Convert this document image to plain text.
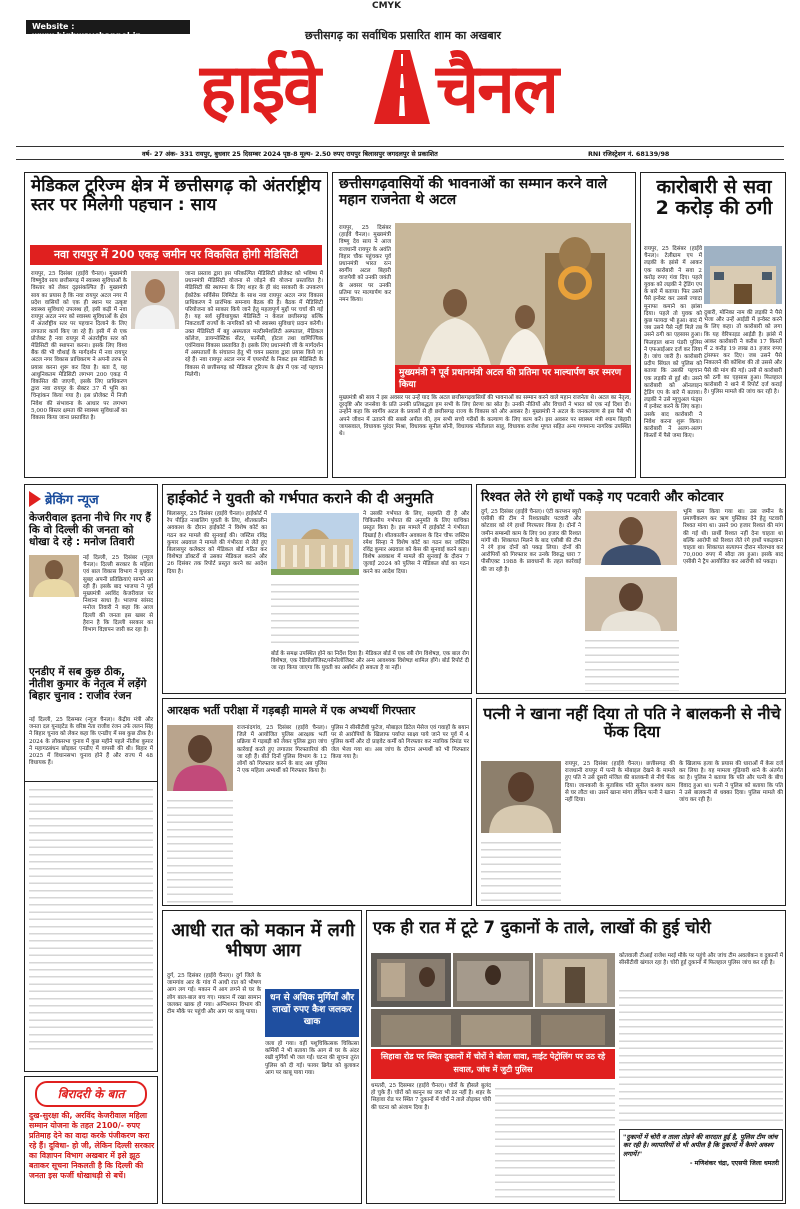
CMYK
Website : www.highwaychannel.in	छत्तीसगढ़ का सर्वाधिक प्रसारित शाम का अखबार
हाईवे चैनल
वर्ष- 27 अंक- 331 रायपुर, बुधवार 25 दिसम्बर 2024 पृष्ठ-8 मूल्य- 2.50 रुपए रायपुर बिलासपुर जगदलपुर से प्रकाशित	RNI रजिस्ट्रेशन नं. 68139/98
मेडिकल टूरिज्म क्षेत्र में छत्तीसगढ़ को अंतर्राष्ट्रीय स्तर पर मिलेगी पहचान : साय
नवा रायपुर में 200 एकड़ जमीन पर विकसित होगी मेडिसिटी
रायपुर, 25 दिसंबर (हाईवे चैनल)। मुख्यमंत्री विष्णुदेव साय छत्तीसगढ़ में स्वास्थ्य सुविधाओं के विस्तार को लेकर दृढ़संकल्पित हैं। मुख्यमंत्री साय का प्रयास है कि नवा रायपुर अटल नगर में प्रदेश वासियों को एक ही स्थान पर उत्कृष्ट स्वास्थ्य सुविधाएं उपलब्ध हों, इसी कड़ी में नवा रायपुर अटल नगर को स्वास्थ्य सुविधाओं के क्षेत्र में अंतर्राष्ट्रीय स्तर पर पहचान दिलाने के लिए लगातार कार्य किए जा रहे हैं। इसी में से एक प्रोजेक्ट है नवा रायपुर में अंतर्राष्ट्रीय स्तर को मेडिसिटी की स्थापना करना। इसके लिए विश्व बैंक की भी चौथाई के मार्गदर्शन में नवा रायपुर अटल नगर विकास प्राधिकरण ने अपनी तरफ से प्रयास करना शुरू कर दिया है। बता दें, यह आधुनिकतम मेडिसिटी लगभग 200 एकड़ में विकसित की जाएगी, इसके लिए प्राधिकरण द्वारा नवा रायपुर के सेक्टर 37 में भूमि का चिन्हांकन किया गया है। इस प्रोजेक्ट में निजी निवेश की संभावना के आधार पर लगभग 5,000 बिस्तर क्षमता की स्वास्थ्य सुविधाओं का विकास किया जाना प्रस्तावित है।
जाना प्रस्ताव द्वारा इस परिकल्पित मेडिसिटी प्रोजेक्ट को भविष्य में प्रधानमंत्री मेडिसिटी योजना से जोड़ने की योजना प्रस्तावित है। मेडिसिटी की स्थापना के लिए शहर के ही बंद सरकारी के उपकरण ईकोटेक सर्विसेस लिमिटेड के साथ नवा रायपुर अटल नगर विकास प्राधिकरण ने प्रारंभिक समन्वय बैठक की है। बैठक में मेडिसिटी परियोजना को साकार किये जाने हेतु महत्वपूर्ण मुद्दों पर चर्चा की गई है। यह सर्व सुविधायुक्त मेडिसिटी न केवल छत्तीसगढ़ बल्कि निकटवर्ती राज्यों के नागरिकों को भी स्वास्थ्य सुविधाएं प्रदान करेगी। उक्त मेडिसिटी में बहु अस्पताल मल्टीस्पेशलिटी अस्पताल, मेडिकल कॉलेज, डायग्नोस्टिक सेंटर, फार्मेसी, होटल तथा वाणिज्यिक एवंनिवास विकास प्रस्तावित है। इसके लिए प्रधानमंत्री जी के मार्गदर्शन में अस्पतालों के संचालन हेतु भी चयन प्रस्ताव द्वारा प्रयास किये जा रहे हैं। नवा रायपुर अटल नगर में एयरपोर्ट के निकट इस मेडिसिटी के विकास से छत्तीसगढ़ को मेडिकल टूरिज्म के क्षेत्र में एक नई पहचान मिलेगी।
छत्तीसगढ़वासियों की भावनाओं का सम्मान करने वाले महान राजनेता थे अटल
रायपुर, 25 दिसंबर (हाईवे चैनल)। मुख्यमंत्री विष्णु देव साय ने आज राजधानी रायपुर के अवंति विहार चौक पहुंचकर पूर्व प्रधानमंत्री भारत रत्न स्वर्गीय अटल बिहारी वाजपेयी को उनकी जयंती के अवसर पर उनकी प्रतिमा पर माल्यार्पण कर नमन किया।
मुख्यमंत्री ने पूर्व प्रधानमंत्री अटल की प्रतिमा पर माल्यार्पण कर स्मरण किया
मुख्यमंत्री श्री साय ने इस अवसर पर उन्हें याद कि अटल छत्तीसगढ़वासियों की भावनाओं का सम्मान करने वाले महान राजनेता थे। अटल का नेतृत्व, दूरदृष्टि और जनसेवा के प्रति उनकी प्रतिबद्धता हम सभी के लिए प्रेरणा का स्रोत है। उनकी नीतियों और विचारों ने भारत को एक नई दिशा दी। उन्होंने कहा कि स्वर्गीय अटल के प्रयासों से ही छत्तीसगढ़ राज्य के विकास को और अवसर है। मुख्यमंत्री ने अटल के जनकल्याण से इस पैसे भी अपने जीवन में उतारने की सबसे अपील की, हम सभी सच्चे गरीबों के कल्याण के लिए काम करें। इस अवसर पर स्वास्थ्य मंत्री श्याम बिहारी जायसवाल, विधायक पुरंदर मिश्रा, विधायक सुनील सोनी, विधायक मोतीलाल साहू, विधायक राजेश मूणत सहित अन्य गणमान्य नागरिक उपस्थित थे।
कारोबारी से सवा 2 करोड़ की ठगी
ब्रेकिंग न्यूज
केजरीवाल इतना नीचे गिर गए हैं कि वो दिल्ली की जनता को धोखा दे रहे : मनोज तिवारी
नई दिल्ली, 25 दिसंबर (न्यूज चैनल)। दिल्ली सरकार के महिला एवं बाल विकास विभाग ने बुधवार सुबह अपनी प्रतिक्रियाएं सामने आ रही हैं। इसके बाद भाजपा ने पूर्व मुख्यमंत्री अरविंद केजरीवाल पर निशाना साधा है। भाजपा सांसद मनोज तिवारी ने कहा कि आज दिल्ली की जनता इस खबर से हैरान है कि दिल्ली सरकार का विभाग विज्ञापन जारी कर रहा है।
एनडीए में सब कुछ ठीक, नीतीश कुमार के नेतृत्व में लड़ेंगे बिहार चुनाव : राजीव रंजन
नई दिल्ली, 25 दिसम्बर (न्यूज चैनल)। केंद्रीय मंत्री और जनता दल यूनाइटेड के वरिष्ठ नेता राजीव रंजन उर्फ ललन सिंह ने बिहार चुनाव को लेकर कहा कि एनडीए में सब कुछ ठीक है। 2024 के लोकसभा चुनाव में कुछ महीने पहले नीतीश कुमार ने महागठबंधन छोड़कर एनडीए में वापसी की थी। बिहार में 2025 में विधानसभा चुनाव होने हैं और राज्य में 48 विधायक हैं।
बिरादरी के बात
दुख-सुरक्षा की, अरविंद केजरीवाल महिला सम्मान योजना के तहत 2100/- रुपए प्रतिमाह देने का वादा करके पंजीकरण करा रहे हैं। दुविधा- हो जी, लेकिन दिल्ली सरकार का विज्ञापन विभाग अखबार में इसे झूठ बताकर सूचना निकलती है कि दिल्ली की जनता इस फर्जी धोखाधड़ी से बचें।
हाईकोर्ट ने युवती को गर्भपात कराने की दी अनुमति
बिलासपुर, 25 दिसंबर (हाईवे चैनल)। हाईकोर्ट में रेप पीड़ित नाबालिग युवती के लिए, शीतकालीन अवकाश के दौरान हाईकोर्ट ने विशेष कोर्ट का गठन कर मामले की सुनवाई की। जस्टिस रविंद्र कुमार अग्रवाल ने मामले की गंभीरता से लेते हुए बिलासपुर कलेक्टर को मेडिकल बोर्ड गठित कर विशेषज्ञ डॉक्टरों से उसका मेडिकल कराने और 26 दिसंबर तक रिपोर्ट प्रस्तुत करने का आदेश दिया है।
ने उसकी गर्भपात के लिए, सहमति दी है और चिकित्सीय गर्भपात की अनुमति के लिए याचिका प्रस्तुत किया है। इस मामले में हाईकोर्ट ने गंभीरता दिखाई है। शीतकालीन अवकाश के दिन चौफ जस्टिस रमेश सिन्हा ने विशेष कोर्ट का गठन कर जस्टिस रविंद्र कुमार अग्रवाल को केस की सुनवाई करने कहा। विशेष अवकाश में मामले की सुनवाई के दौरान 7 जुलाई 2024 को पुलिस ने मेडिकल बोर्ड का गठन करने का आदेश दिया।
बोर्ड के समक्ष उपस्थित होने का निर्देश दिया है। मेडिकल बोर्ड में एक स्त्री रोग विशेषज्ञ, एक बाल रोग विशेषज्ञ, एक रेडियोलॉजिस्ट/सोनोलॉजिस्ट और अन्य आवश्यक विशेषज्ञ शामिल होंगे। बोर्ड रिपोर्ट दी जा रहा किया जाएगा कि युवती का अबॉर्शन हो सकता है या नहीं।
रिश्वत लेते रंगे हाथों पकड़े गए पटवारी और कोटवार
दुर्ग, 25 दिसंबर (हाईवे चैनल)। एंटी करप्शन ब्यूरो एसीबी की टीम ने रिश्वतखोर पटवारी और कोटवार को रंगे हाथों गिरफ्तार किया है। दोनों ने जमीन सम्बन्धी काम के लिए 90 हजार की रिश्वत मांगी थी। शिकायत मिलने के बाद एसीबी की टीम ने रंगे हाथ दोनों को पकड़ लिया। दोनों की आरोपियों को गिरफ्तार कर उनके विरुद्ध धारा 7 पीसीएक्ट 1988 के प्रावधानों के तहत कार्रवाई की जा रही है।
भूमि कम किया गया था। उस जमीन के प्रमाणीकरण कर ऋण पुस्तिका देने हेतु पटवारी रिश्वत मांगा था। उसने 90 हजार रिश्वत की मांग की गई थी। प्रार्थी रिश्वत नहीं देना चाहता था बल्कि आरोपी को रिश्वत लेते रंगे हाथों पकड़वाना चाहता था। शिकायत सत्यापन दौरान मोलभाव कर 70,000 रुपए में सौदा तय हुआ। इसके बाद एसीबी ने ट्रैप आयोजित कर आरोपी को पकड़ा।
आरक्षक भर्ती परीक्षा में गड़बड़ी मामले में एक अभ्यर्थी गिरफ्तार
राजनांदगांव, 25 दिसंबर (हाईवे चैनल)। जिले में आयोजित पुलिस आरक्षक भर्ती प्रक्रिया में गड़बड़ी को लेकर पुलिस द्वारा जांच कार्रवाई करते हुए लगातार गिरफ्तारियां की जा रही हैं। बीते दिनों पुलिस विभाग के 12 लोगों को गिरफ्तार करने के बाद अब पुलिस ने एक महिला अभ्यर्थी को गिरफ्तार किया है।
पुलिस ने सीसीटीवी फुटेज, मोबाइल डिटेल मेसेज एवं गवाहों के बयान पर से आरोपियों के खिलाफ पर्याप्त साक्ष्य पाये जाने पर पूर्व में 4 पुलिस कर्मी और दो प्राइवेट कर्मी को गिरफ्तार कर न्यायिक रिमांड पर जेल भेजा गया था। अब जांच के दौरान अभ्यर्थी को भी गिरफ्तार किया गया है।
पत्नी ने खाना नहीं दिया तो पति ने बालकनी से नीचे फेंक दिया
रायपुर, 25 दिसंबर (हाईवे चैनल)। छत्तीसगढ़ की राजधानी रायपुर में पत्नी के मोबाइल देखने के मामले हुए पति ने उसे दूसरी मंजिल की बालकनी से नीचे फेंक दिया। जानकारी के मुताबिक पति सुनील कश्यप काम से घर लौटा था। उसने खाना मांगा लेकिन पत्नी ने खाना नहीं दिया।
के खिलाफ हत्या के प्रयास की धाराओं में केस दर्ज कर लिया है। यह मामला गुढ़ियारी थाने के अंतर्गत का है। पुलिस ने बताया कि पति और पत्नी के बीच विवाद हुआ था। पत्नी ने पुलिस को बताया कि पति ने उसे बालकनी से धक्का दिया। पुलिस मामले की जांच कर रही है।
आधी रात को मकान में लगी भीषण आग
दुर्ग, 25 दिसंबर (हाईवे चैनल)। दुर्ग जिले के जामगांव आर के गांव में आधी रात को भीषण आग लग गई। मकान में आग लगने से घर के लोग बाल-बाल बच गए। मकान में रखा सामान जलकर खाक हो गया। अग्निशमन विभाग की टीम मौके पर पहुंची और आग पर काबू पाया।
धन से अधिक मुर्गियाँ और लाखों रुपए कैश जलकर खाक
जला हो गया। वहीं पशुचिकित्सक चिकित्सा कर्मियों ने भी बताया कि आग से घर के अंदर रखी मुर्गियाँ भी जल गईं। घटना की सूचना तुरंत पुलिस को दी गई। फायर ब्रिगेड को बुलाकर आग पर काबू पाया गया।
एक ही रात में टूटे 7 दुकानों के ताले, लाखों की हुई चोरी
सिहावा रोड पर स्थित दुकानों में चोरों ने बोला धावा, नाईट पेट्रोलिंग पर उठ रहे सवाल, जांच में जुटी पुलिस
धमतरी, 25 दिसम्बर (हाईवे चैनल)। चोरों के हौसले बुलंद हो चुके हैं। चोरों को कानून का जरा भी डर नहीं है। शहर के सिहावा रोड पर स्थित 7 दुकानों में चोरों ने ताले तोड़कर चोरी की घटना को अंजाम दिया है।
कोतवाली टीआई राजेश मरई मौके पर पहुंचे और जांच टीम अवलोकन व दुकानों में सीसीटीवी खंगाल रहा है। चोरी हुई दुकानों में फिलहाल पुलिस जांच कर रही है।
"दुकानों में चोरी व ताला तोड़ने की वारदात हुई है, पुलिस टीम जांच कर रही है। व्यापारियों से भी अपील है कि दुकानों में कैमरे अवश्य लगायें।"
- मणिशंकर चंद्रा, एएसपी जिला धमतरी
रायपुर, 25 दिसंबर (हाईवे चैनल)। टेलीग्राम एप में लड़की के झांसे में आकर एक कारोबारी ने सवा 2 करोड़ रुपए गंवा दिए। पहले युवक को लड़की ने ट्रेडिंग एप के बारे में बताया। फिर उसमें पैसे इन्वेस्ट कर उससे ज्यादा मुनाफा कमाने का झांसा दिया। पहले तो युवक को कुछ फायदा भी हुआ। बाद में जब उसने पैसे नहीं मिले तब उसने ठगी का एहसास हुआ। फिलहाल थाना पंडरी पुलिस ने एफआईआर दर्ज कर लिया है। जांच जारी है। कारोबारी प्रदीप सिंघल को पुलिस को बताया कि उसकी पहचान एक लड़की से हुई थी। उसने कारोबारी को ऑनलाइन ट्रेडिंग एप के बारे में बताया। लड़की ने उसे म्युचुअल फंड्स में इन्वेस्ट करने के लिए कहा। उसके बाद कारोबारी ने निवेश करना शुरू किया। कारोबारी ने अलग-अलग किस्तों में पैसे जमा किए।
दुबारी, मोनिका नाम की लड़की ने पैसे भेजा और उन्हें आईडी में इन्वेस्ट करने के लिए कहा। तो कारोबारी को लगा कि यह वेरिफाइड आईडी है। झांसे में आकर कारोबारी ने करीब 17 किस्तों में 2 करोड़ 19 लाख 81 हजार रुपए ट्रांसफर कर दिए। जब उसने पैसे निकालने की कोशिश की तो उससे और पैसे की मांग की गई। उसी से कारोबारी को ठगी का एहसास हुआ। फिलहाल कारोबारी ने थाने में रिपोर्ट दर्ज कराई है। पुलिस मामले की जांच कर रही है।
